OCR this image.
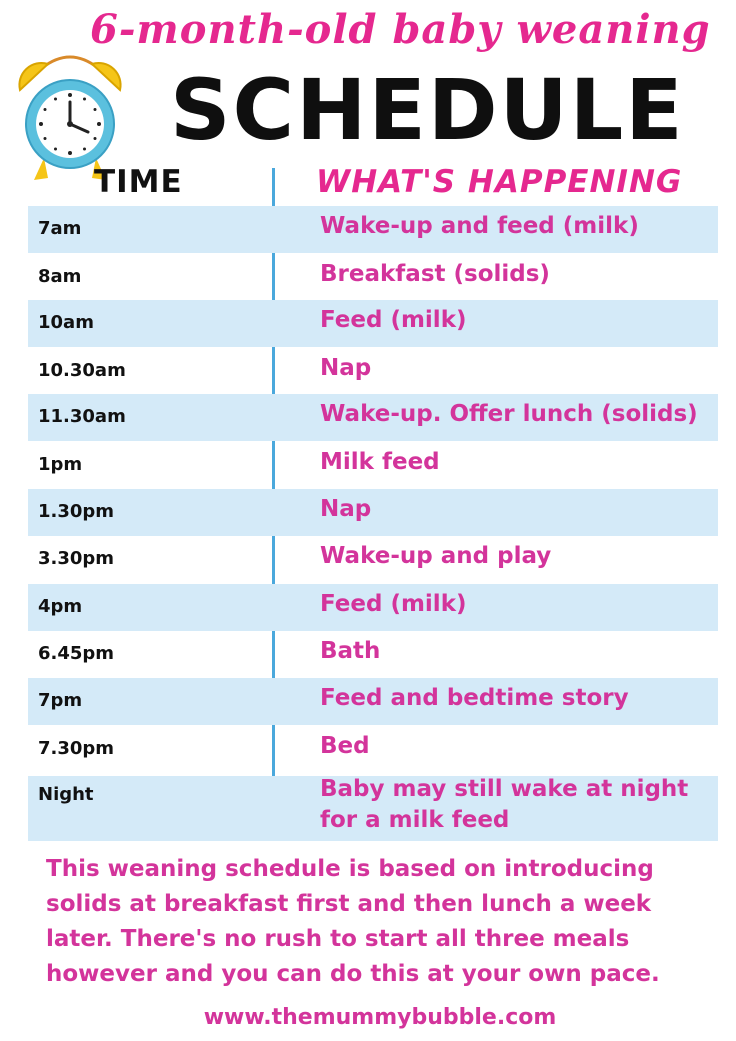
6-month-old baby weaning
SCHEDULE
TIME	WHAT'S HAPPENING
7am	Wake-up and feed (milk)
8am	Breakfast (solids)
10am	Feed (milk)
10.30am	Nap
11.30am	Wake-up. Offer lunch (solids)
1pm	Milk feed
1.30pm	Nap
3.30pm	Wake-up and play
4pm	Feed (milk)
6.45pm	Bath
7pm	Feed and bedtime story
7.30pm	Bed
Night	Baby may still wake at night for a milk feed
This weaning schedule is based on introducing solids at breakfast first and then lunch a week later. There's no rush to start all three meals however and you can do this at your own pace.
www.themummybubble.com
